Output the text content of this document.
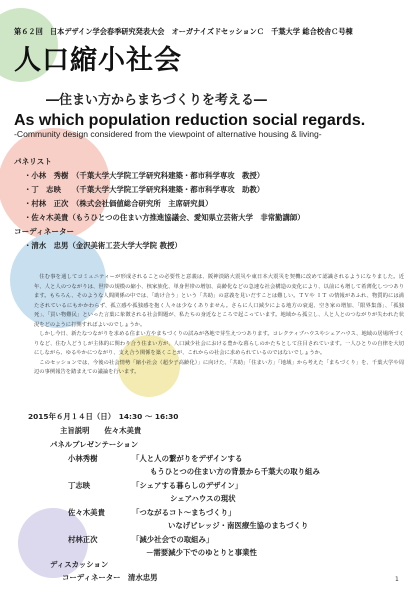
第６２回　日本デザイン学会春季研究発表大会　オーガナイズドセッションＣ　千葉大学 総合校舎Ｃ号棟
人口縮小社会
―住まい方からまちづくりを考える―
As which population reduction social regards.
-Community design considered from the viewpoint of alternative housing & living-
パネリスト
・小林　秀樹　（千葉大学大学院工学研究科建築・都市科学専攻　教授）
・丁　志映　　（千葉大学大学院工学研究科建築・都市科学専攻　助教）
・村林　正次　（株式会社価値総合研究所　主席研究員）
・佐々木美貴（もうひとつの住まい方推進協議会、愛知県立芸術大学　非常勤講師）
コーディネーター
・清水　忠男（金沢美術工芸大学大学院 教授）

住む事を通してコミュニティーが形成されることの必要性と意義は、阪神淡路大震災や東日本大震災を契機に改めて認識されるようになりました。近年、人と人のつながりは、世帯の規模の縮小、核家族化、単身世帯の増加、高齢化などの急速な社会構造の変化により、以前にも増して希薄化しつつあります。もちろん、そのような人間関係の中では、「助け合う」という「共助」の意義を見いだすことは難しい。ＴＶや ＩＴ の情報があふれ、物質的には満たされているにもかかわらず、孤立感や孤独感を抱く人々は少なくありません。さらに人口減少による地方の衰退、空き家の増加、「限界集落」、「孤独死」、「買い物難民」といった言葉に象徴される社会問題が、私たちの身近なところで起こっています。地域から孤立し、人と人とのつながりが失われた状況をどのように打開すればよいのでしょうか。

しかし今日、新たなつながりを求める住まい方やまちづくりの試みが各地で芽生えつつあります。コレクティブハウスやシェアハウス、地域の居場所づくりなど、住む人どうしが主体的に関わり合う住まい方が、人口減少社会における豊かな暮らしのかたちとして注目されています。一人ひとりの自律を大切にしながら、ゆるやかにつながり、支え合う関係を築くことが、これからの社会に求められているのではないでしょうか。

このセッションでは、今後の社会情勢「縮小社会（超少子高齢化）」に向けた、「共助」「住まい方」「地域」から考えた「まちづくり」を、千葉大学や周辺の事例報告を踏まえての議論を行います。

2015年６月１４日（日）　14:30 ～ 16:30
主旨説明　　佐々木美貴
パネルプレゼンテーション
小林秀樹	「人と人の繋がりをデザインする
もうひとつの住まい方の背景から千葉大の取り組み
丁志映	「シェアする暮らしのデザイン」
シェアハウスの現状
佐々木美貴	「つながるコト～まちづくり」
いなげビレッジ・南医療生協のまちづくり
村林正次	「減少社会での取組み」
－需要減少下でのゆとりと事業性
ディスカッション
コーディネーター　清水忠男	1
